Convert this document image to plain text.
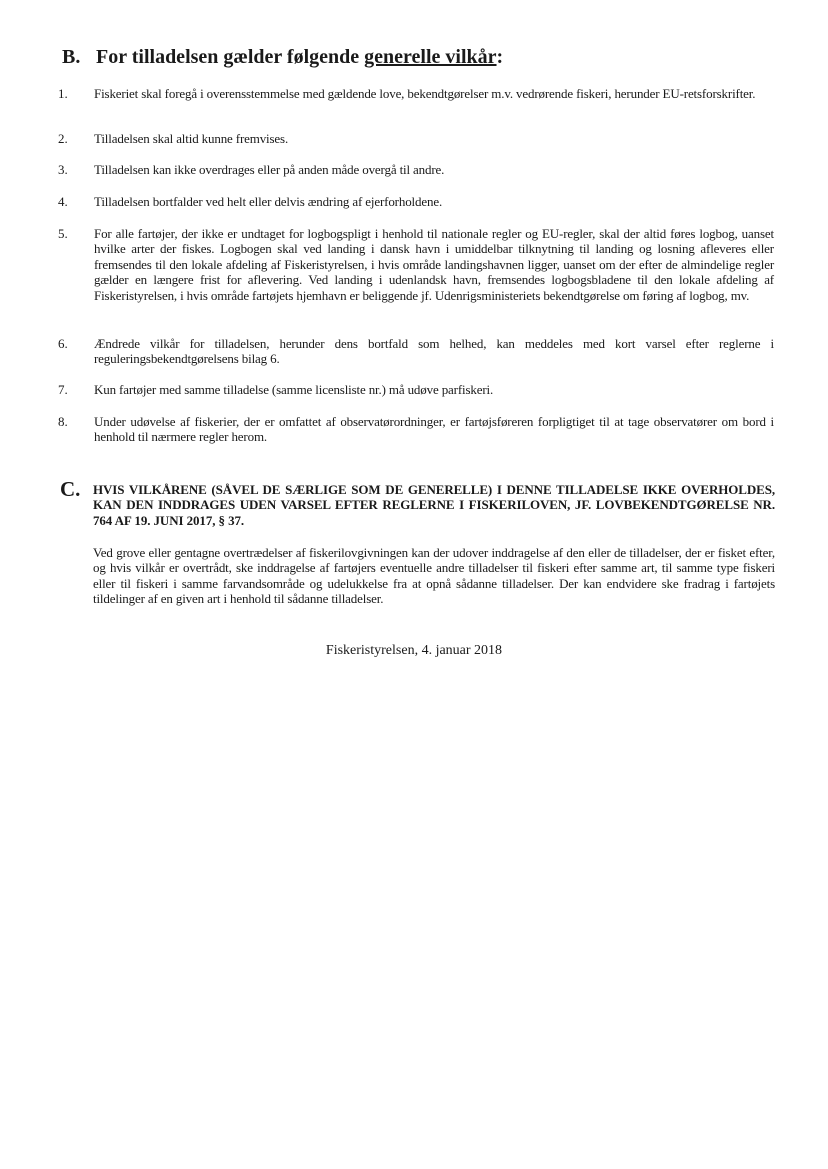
B. For tilladelsen gælder følgende generelle vilkår:
1.	Fiskeriet skal foregå i overensstemmelse med gældende love, bekendtgørelser m.v. vedrørende fiskeri, herunder EU-retsforskrifter.
2.	Tilladelsen skal altid kunne fremvises.
3.	Tilladelsen kan ikke overdrages eller på anden måde overgå til andre.
4.	Tilladelsen bortfalder ved helt eller delvis ændring af ejerforholdene.
5.	For alle fartøjer, der ikke er undtaget for logbogspligt i henhold til nationale regler og EU-regler, skal der altid føres logbog, uanset hvilke arter der fiskes. Logbogen skal ved landing i dansk havn i umiddelbar tilknytning til landing og losning afleveres eller fremsendes til den lokale afdeling af Fiskeristyrelsen, i hvis område landingshavnen ligger, uanset om der efter de almindelige regler gælder en længere frist for aflevering. Ved landing i udenlandsk havn, fremsendes logbogsbladene til den lokale afdeling af Fiskeristyrelsen, i hvis område fartøjets hjemhavn er beliggende jf. Udenrigsministeriets bekendtgørelse om føring af logbog, mv.
6.	Ændrede vilkår for tilladelsen, herunder dens bortfald som helhed, kan meddeles med kort varsel efter reglerne i reguleringsbekendtgørelsens bilag 6.
7.	Kun fartøjer med samme tilladelse (samme licensliste nr.) må udøve parfiskeri.
8.	Under udøvelse af fiskerier, der er omfattet af observatørordninger, er fartøjsføreren forpligtiget til at tage observatører om bord i henhold til nærmere regler herom.
C. HVIS VILKÅRENE (SÅVEL DE SÆRLIGE SOM DE GENERELLE) I DENNE TILLADELSE IKKE OVERHOLDES, KAN DEN INDDRAGES UDEN VARSEL EFTER REGLERNE I FISKERILOVEN, JF. LOVBEKENDTGØRELSE NR. 764 AF 19. JUNI 2017, § 37.
Ved grove eller gentagne overtrædelser af fiskerilovgivningen kan der udover inddragelse af den eller de tilladelser, der er fisket efter, og hvis vilkår er overtrådt, ske inddragelse af fartøjers eventuelle andre tilladelser til fiskeri efter samme art, til samme type fiskeri eller til fiskeri i samme farvandsområde og udelukkelse fra at opnå sådanne tilladelser. Der kan endvidere ske fradrag i fartøjets tildelinger af en given art i henhold til sådanne tilladelser.
Fiskeristyrelsen, 4. januar 2018
